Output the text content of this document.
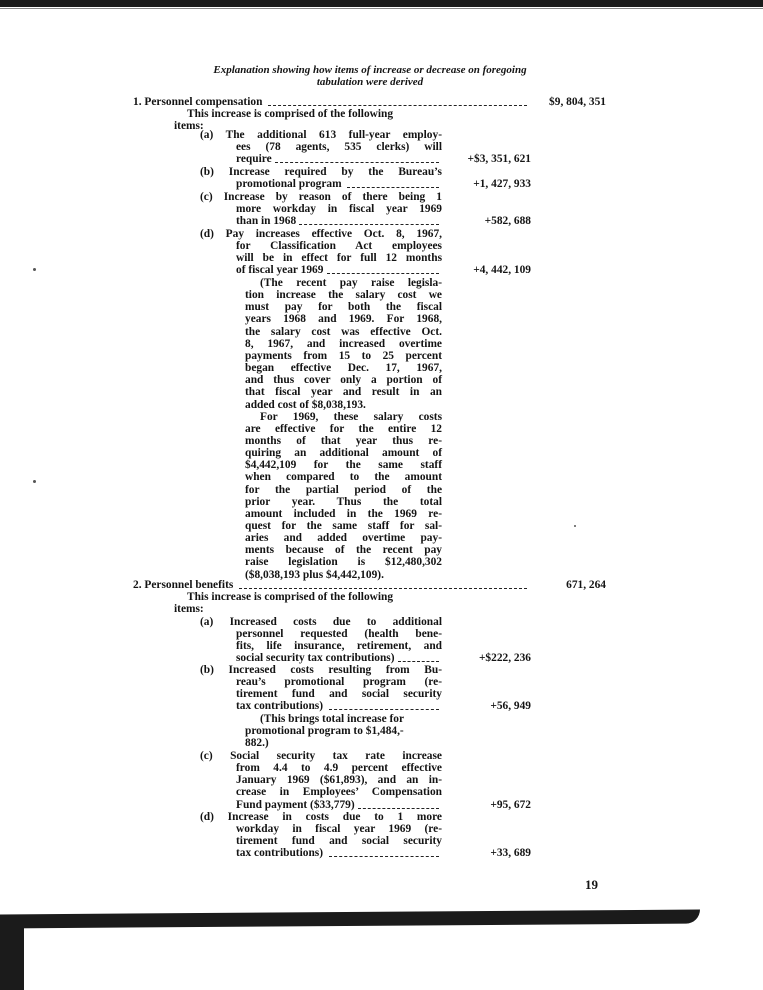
Explanation showing how items of increase or decrease on foregoing
tabulation were derived
1. Personnel compensation	$9, 804, 351
This increase is comprised of the following
items:
(a) The additional 613 full-year employ-
ees (78 agents, 535 clerks) will
require	+$3, 351, 621
(b) Increase required by the Bureau’s
promotional program	+1, 427, 933
(c) Increase by reason of there being 1
more workday in fiscal year 1969
than in 1968	+582, 688
(d) Pay increases effective Oct. 8, 1967,
for Classification Act employees
will be in effect for full 12 months
of fiscal year 1969	+4, 442, 109
(The recent pay raise legisla-
tion increase the salary cost we
must pay for both the fiscal
years 1968 and 1969. For 1968,
the salary cost was effective Oct.
8, 1967, and increased overtime
payments from 15 to 25 percent
began effective Dec. 17, 1967,
and thus cover only a portion of
that fiscal year and result in an
added cost of $8,038,193.
For 1969, these salary costs
are effective for the entire 12
months of that year thus re-
quiring an additional amount of
$4,442,109 for the same staff
when compared to the amount
for the partial period of the
prior year. Thus the total
amount included in the 1969 re-
quest for the same staff for sal-
aries and added overtime pay-
ments because of the recent pay
raise legislation is $12,480,302
($8,038,193 plus $4,442,109).
2. Personnel benefits	671, 264
This increase is comprised of the following
items:
(a) Increased costs due to additional
personnel requested (health bene-
fits, life insurance, retirement, and
social security tax contributions)	+$222, 236
(b) Increased costs resulting from Bu-
reau’s promotional program (re-
tirement fund and social security
tax contributions)	+56, 949
(This brings total increase for
promotional program to $1,484,-
882.)
(c) Social security tax rate increase
from 4.4 to 4.9 percent effective
January 1969 ($61,893), and an in-
crease in Employees’ Compensation
Fund payment ($33,779)	+95, 672
(d) Increase in costs due to 1 more
workday in fiscal year 1969 (re-
tirement fund and social security
tax contributions)	+33, 689
19
